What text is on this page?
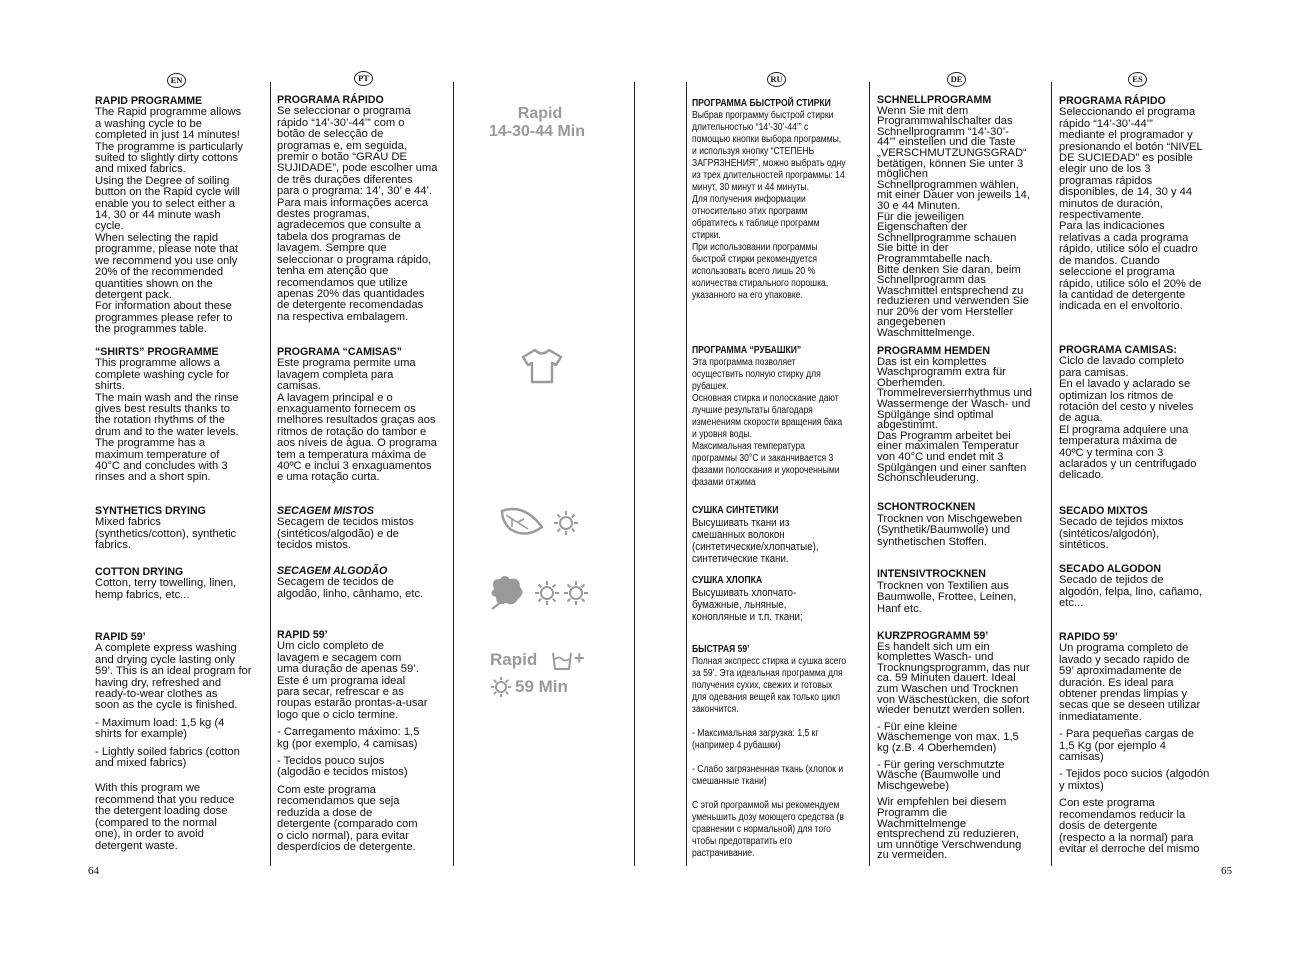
EN	PT	RU	DE	ES
64	65
Rapid
14-30-44 Min
Rapid +
59 Min

RAPID PROGRAMME

The Rapid programme allows
a washing cycle to be
completed in just 14 minutes!
The programme is particularly
suited to slightly dirty cottons
and mixed fabrics.
Using the Degree of soiling
button on the Rapid cycle will
enable you to select either a
14, 30 or 44 minute wash
cycle.
When selecting the rapid
programme, please note that
we recommend you use only
20% of the recommended
quantities shown on the
detergent pack.
For information about these
programmes please refer to
the programmes table.

“SHIRTS” PROGRAMME

This programme allows a
complete washing cycle for
shirts.
The main wash and the rinse
gives best results thanks to
the rotation rhythms of the
drum and to the water levels.
The programme has a
maximum temperature of
40°C and concludes with 3
rinses and a short spin.

SYNTHETICS DRYING

Mixed fabrics
(synthetics/cotton), synthetic
fabrics.

COTTON DRYING

Cotton, terry towelling, linen,
hemp fabrics, etc...

RAPID 59’

A complete express washing
and drying cycle lasting only
59’. This is an ideal program for
having dry, refreshed and
ready-to-wear clothes as
soon as the cycle is finished.
- Maximum load: 1,5 kg (4
shirts for example)
- Lightly soiled fabrics (cotton
and mixed fabrics)
With this program we
recommend that you reduce
the detergent loading dose
(compared to the normal
one), in order to avoid
detergent waste.

PROGRAMA RÁPIDO

Se seleccionar o programa
rápido “14’-30’-44’” com o
botão de selecção de
programas e, em seguida,
premir o botão “GRAU DE
SUJIDADE”, pode escolher uma
de três durações diferentes
para o programa: 14’, 30’ e 44’.
Para mais informações acerca
destes programas,
agradecemos que consulte a
tabela dos programas de
lavagem. Sempre que
seleccionar o programa rápido,
tenha em atenção que
recomendamos que utilize
apenas 20% das quantidades
de detergente recomendadas
na respectiva embalagem.

PROGRAMA “CAMISAS”

Este programa permite uma
lavagem completa para
camisas.
A lavagem principal e o
enxaguamento fornecem os
melhores resultados graças aos
ritmos de rotação do tambor e
aos níveis de água. O programa
tem a temperatura máxima de
40ºC e inclui 3 enxaguamentos
e uma rotação curta.

SECAGEM MISTOS

Secagem de tecidos mistos
(sintéticos/algodão) e de
tecidos mistos.

SECAGEM ALGODÃO

Secagem de tecidos de
algodão, linho, cânhamo, etc.

RAPID 59’

Um ciclo completo de
lavagem e secagem com
uma duração de apenas 59’.
Este é um programa ideal
para secar, refrescar e as
roupas estarão prontas-a-usar
logo que o ciclo termine.
- Carregamento máximo: 1,5
kg (por exemplo, 4 camisas)
- Tecidos pouco sujos
(algodão e tecidos mistos)
Com este programa
recomendamos que seja
reduzida a dose de
detergente (comparado com
o ciclo normal), para evitar
desperdícios de detergente.

ПРОГРАММА БЫСТРОЙ СТИРКИ

Выбрав программу быстрой стирки
длительностью “14’-30’-44’” с
помощью кнопки выбора программы,
и используя кнопку “СТЕПЕНЬ
ЗАГРЯЗНЕНИЯ”, можно выбрать одну
из трех длительностей программы: 14
минут, 30 минут и 44 минуты.
Для получения информации
относительно этих программ
обратитесь к таблице программ
стирки.
При использовании программы
быстрой стирки рекомендуется
использовать всего лишь 20 %
количества стирального порошка,
указанного на его упаковке.

ПРОГРАММА “РУБАШКИ”

Эта программа позволяет
осуществить полную стирку для
рубашек.
Основная стирка и полоскание дают
лучшие результаты благодаря
изменениям скорости вращения бака
и уровня воды.
Максимальная температура
программы 30°C и заканчивается 3
фазами полоскания и укороченными
фазами отжима

СУШКА СИНТЕТИКИ

Высушивать ткани из
смешанных волокон
(синтетические/хлопчатые),
синтетические ткани.

СУШКА ХЛОПКА

Высушивать хлопчато-
бумажные, льняные,
конопляные и т.п. ткани;

БЫСТРАЯ 59’

Полная экспресс стирка и сушка всего
за 59’. Эта идеальная программа для
получения сухих, свежих и готовых
для одевания вещей как только цикл
закончится.
- Максимальная загрузка: 1,5 кг
(например 4 рубашки)
- Слабо загрязненная ткань (хлопок и
смешанные ткани)
С этой программой мы рекомендуем
уменьшить дозу моющего средства (в
сравнении с нормальной) для того
чтобы предотвратить его
растрачивание.

SCHNELLPROGRAMM

Wenn Sie mit dem
Programmwahlschalter das
Schnellprogramm “14’-30’-
44’” einstellen und die Taste
„VERSCHMUTZUNGSGRAD“
betätigen, können Sie unter 3
möglichen
Schnellprogrammen wählen,
mit einer Dauer von jeweils 14,
30 e 44 Minuten.
Für die jeweiligen
Eigenschaften der
Schnellprogramme schauen
Sie bitte in der
Programmtabelle nach.
Bitte denken Sie daran, beim
Schnellprogramm das
Waschmittel entsprechend zu
reduzieren und verwenden Sie
nur 20% der vom Hersteller
angegebenen
Waschmittelmenge.

PROGRAMM HEMDEN

Das ist ein komplettes
Waschprogramm extra für
Oberhemden.
Trommelreversierrhythmus und
Wassermenge der Wasch- und
Spülgänge sind optimal
abgestimmt.
Das Programm arbeitet bei
einer maximalen Temperatur
von 40°C und endet mit 3
Spülgängen und einer sanften
Schonschleuderung.

SCHONTROCKNEN

Trocknen von Mischgeweben
(Synthetik/Baumwolle) und
synthetischen Stoffen.

INTENSIVTROCKNEN

Trocknen von Textilien aus
Baumwolle, Frottee, Leinen,
Hanf etc.

KURZPROGRAMM 59’

Es handelt sich um ein
komplettes Wasch- und
Trocknungsprogramm, das nur
ca. 59 Minuten dauert. Ideal
zum Waschen und Trocknen
von Wäschestücken, die sofort
wieder benutzt werden sollen.
- Für eine kleine
Wäschemenge von max. 1,5
kg (z.B. 4 Oberhemden)
- Für gering verschmutzte
Wäsche (Baumwolle und
Mischgewebe)
Wir empfehlen bei diesem
Programm die
Wachmittelmenge
entsprechend zu reduzieren,
um unnötige Verschwendung
zu vermeiden.

PROGRAMA RÁPIDO

Seleccionando el programa
rápido “14’-30’-44’”
mediante el programador y
presionando el botón “NIVEL
DE SUCIEDAD” es posible
elegir uno de los 3
programas rápidos
disponibles, de 14, 30 y 44
minutos de duración,
respectivamente.
Para las indicaciones
relativas a cada programa
rápido, utilice sólo el cuadro
de mandos. Cuando
seleccione el programa
rápido, utilice sólo el 20% de
la cantidad de detergente
indicada en el envoltorio.

PROGRAMA CAMISAS:

Ciclo de lavado completo
para camisas.
En el lavado y aclarado se
optimizan los ritmos de
rotación del cesto y niveles
de agua.
El programa adquiere una
temperatura máxima de
40ºC y termina con 3
aclarados y un centrifugado
delicado.

SECADO MIXTOS

Secado de tejidos mixtos
(sintéticos/algodón),
sintéticos.

SECADO ALGODON

Secado de tejidos de
algodón, felpa, lino, cañamo,
etc...

RAPIDO 59’

Un programa completo de
lavado y secado rapido de
59’ aproximadamente de
duración. Es ideal para
obtener prendas limpias y
secas que se deseen utilizar
inmediatamente.
- Para pequeñas cargas de
1,5 Kg (por ejemplo 4
camisas)
- Tejidos poco sucios (algodón
y mixtos)
Con este programa
recomendamos reducir la
dosis de detergente
(respecto a la normal) para
evitar el derroche del mismo
